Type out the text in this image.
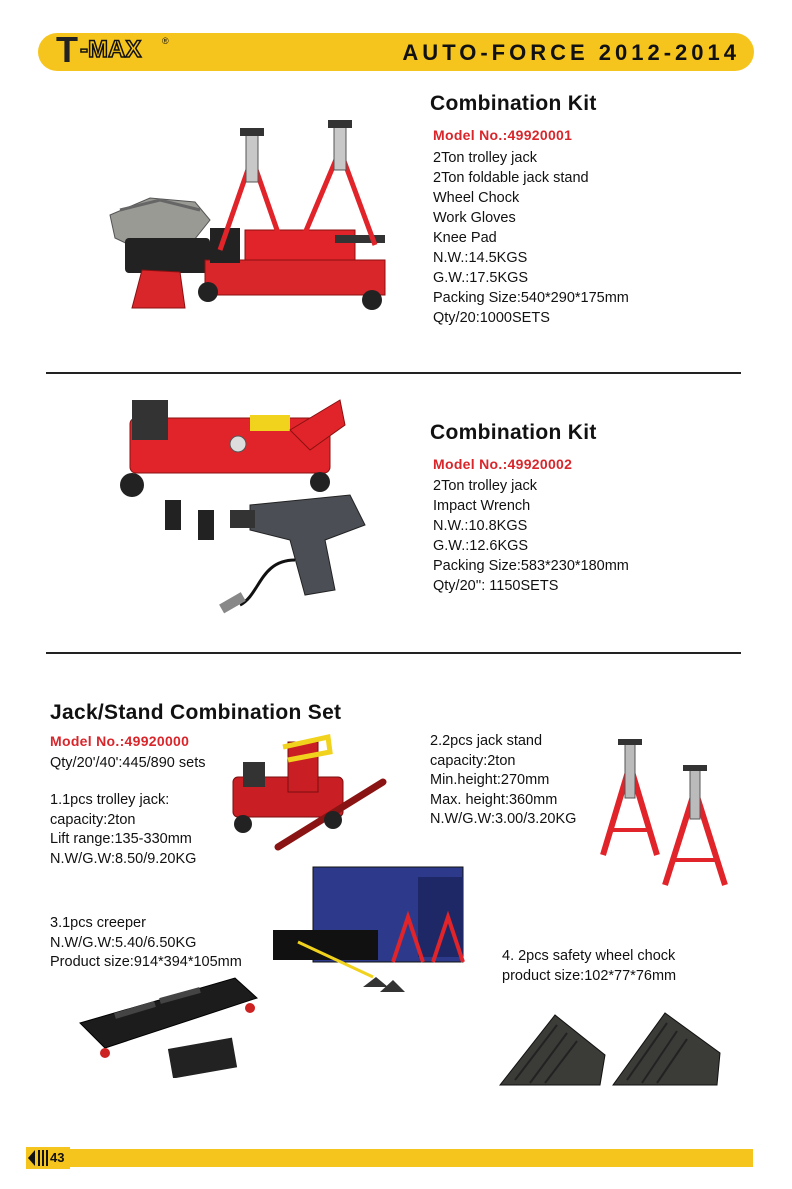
T -MAX ®	AUTO-FORCE 2012-2014
Combination Kit
Model No.:49920001
2Ton trolley jack
2Ton foldable jack stand
Wheel Chock
Work Gloves
Knee Pad
N.W.:14.5KGS
G.W.:17.5KGS
Packing Size:540*290*175mm
Qty/20:1000SETS
Combination Kit
Model No.:49920002
2Ton trolley jack
Impact Wrench
N.W.:10.8KGS
G.W.:12.6KGS
Packing Size:583*230*180mm
Qty/20'': 1150SETS
Jack/Stand Combination Set
Model No.:49920000
Qty/20'/40':445/890 sets
1.1pcs trolley jack:
capacity:2ton
Lift range:135-330mm
N.W/G.W:8.50/9.20KG
2.2pcs jack stand
capacity:2ton
Min.height:270mm
Max. height:360mm
N.W/G.W:3.00/3.20KG
3.1pcs creeper
N.W/G.W:5.40/6.50KG
Product size:914*394*105mm	4. 2pcs safety wheel chock
product size:102*77*76mm
43
